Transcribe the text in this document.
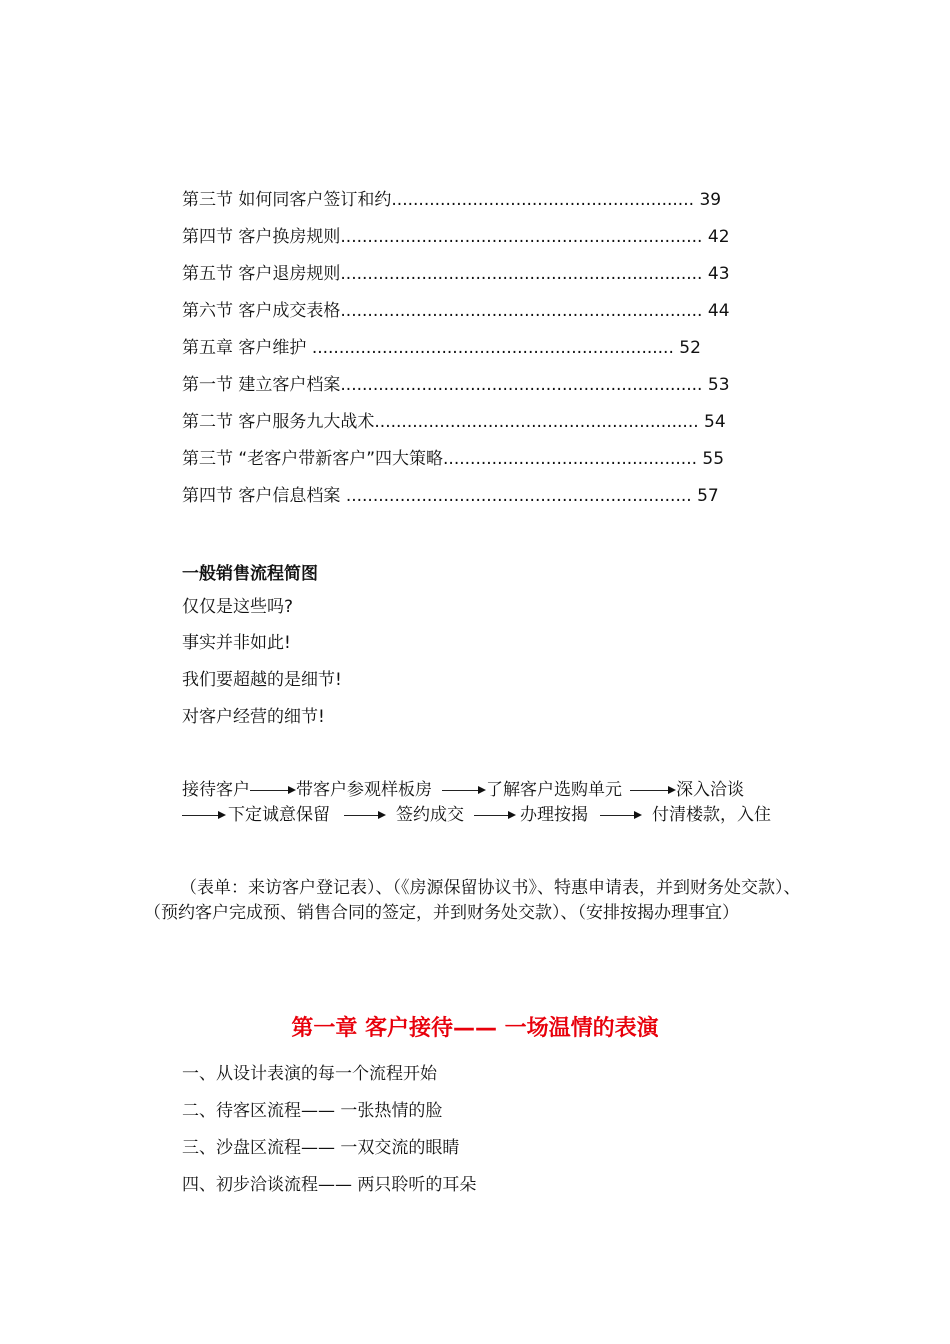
第三节 如何同客户签订和约........................................................ 39
第四节 客户换房规则................................................................... 42
第五节 客户退房规则................................................................... 43
第六节 客户成交表格................................................................... 44
第五章 客户维护 ................................................................... 52
第一节 建立客户档案................................................................... 53
第二节 客户服务九大战术............................................................ 54
第三节 “老客户带新客户”四大策略............................................... 55
第四节 客户信息档案 ................................................................ 57
一般销售流程简图
仅仅是这些吗?
事实并非如此!
我们要超越的是细节!
对客户经营的细节!
接待客户	带客户参观样板房	了解客户选购单元	深入洽谈
下定诚意保留	签约成交	办理按揭	付清楼款，入住
（表单：来访客户登记表）、（《房源保留协议书》、特惠申请表，并到财务处交款）、（预约客户完成预、销售合同的签定，并到财务处交款）、（安排按揭办理事宜）
第一章 客户接待—— 一场温情的表演
一、从设计表演的每一个流程开始
二、待客区流程—— 一张热情的脸
三、沙盘区流程—— 一双交流的眼睛
四、初步洽谈流程—— 两只聆听的耳朵
